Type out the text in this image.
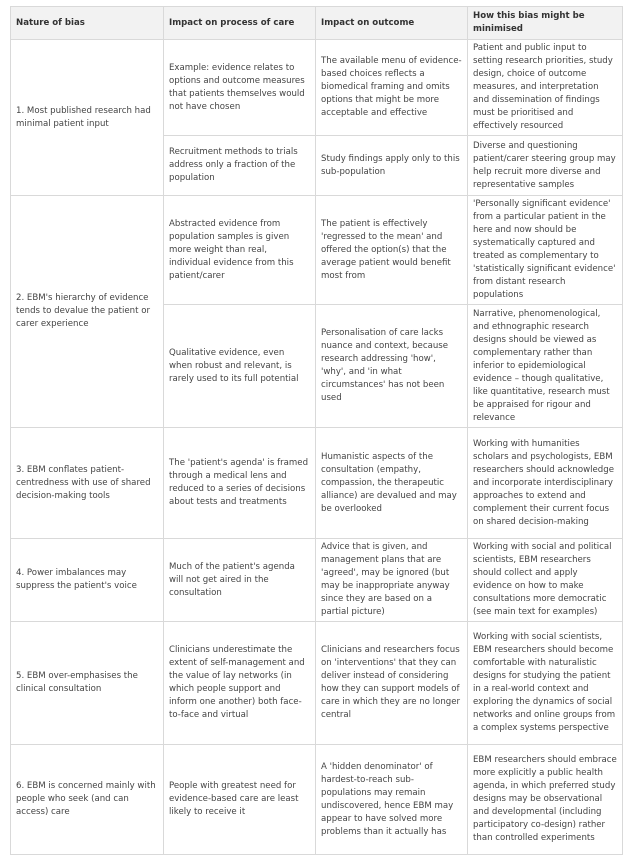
Nature of bias	Impact on process of care	Impact on outcome	How this bias might be minimised
1. Most published research had minimal patient input	Example: evidence relates to options and outcome measures that patients themselves would not have chosen	The available menu of evidence-based choices reflects a biomedical framing and omits options that might be more acceptable and effective	Patient and public input to setting research priorities, study design, choice of outcome measures, and interpretation and dissemination of findings must be prioritised and effectively resourced
	Recruitment methods to trials address only a fraction of the population	Study findings apply only to this sub-population	Diverse and questioning patient/carer steering group may help recruit more diverse and representative samples
2. EBM's hierarchy of evidence tends to devalue the patient or carer experience	Abstracted evidence from population samples is given more weight than real, individual evidence from this patient/carer	The patient is effectively 'regressed to the mean' and offered the option(s) that the average patient would benefit most from	'Personally significant evidence' from a particular patient in the here and now should be systematically captured and treated as complementary to 'statistically significant evidence' from distant research populations
	Qualitative evidence, even when robust and relevant, is rarely used to its full potential	Personalisation of care lacks nuance and context, because research addressing 'how', 'why', and 'in what circumstances' has not been used	Narrative, phenomenological, and ethnographic research designs should be viewed as complementary rather than inferior to epidemiological evidence – though qualitative, like quantitative, research must be appraised for rigour and relevance
3. EBM conflates patient-centredness with use of shared decision-making tools	The 'patient's agenda' is framed through a medical lens and reduced to a series of decisions about tests and treatments	Humanistic aspects of the consultation (empathy, compassion, the therapeutic alliance) are devalued and may be overlooked	Working with humanities scholars and psychologists, EBM researchers should acknowledge and incorporate interdisciplinary approaches to extend and complement their current focus on shared decision-making
4. Power imbalances may suppress the patient's voice	Much of the patient's agenda will not get aired in the consultation	Advice that is given, and management plans that are 'agreed', may be ignored (but may be inappropriate anyway since they are based on a partial picture)	Working with social and political scientists, EBM researchers should collect and apply evidence on how to make consultations more democratic (see main text for examples)
5. EBM over-emphasises the clinical consultation	Clinicians underestimate the extent of self-management and the value of lay networks (in which people support and inform one another) both face-to-face and virtual	Clinicians and researchers focus on 'interventions' that they can deliver instead of considering how they can support models of care in which they are no longer central	Working with social scientists, EBM researchers should become comfortable with naturalistic designs for studying the patient in a real-world context and exploring the dynamics of social networks and online groups from a complex systems perspective
6. EBM is concerned mainly with people who seek (and can access) care	People with greatest need for evidence-based care are least likely to receive it	A 'hidden denominator' of hardest-to-reach sub-populations may remain undiscovered, hence EBM may appear to have solved more problems than it actually has	EBM researchers should embrace more explicitly a public health agenda, in which preferred study designs may be observational and developmental (including participatory co-design) rather than controlled experiments
